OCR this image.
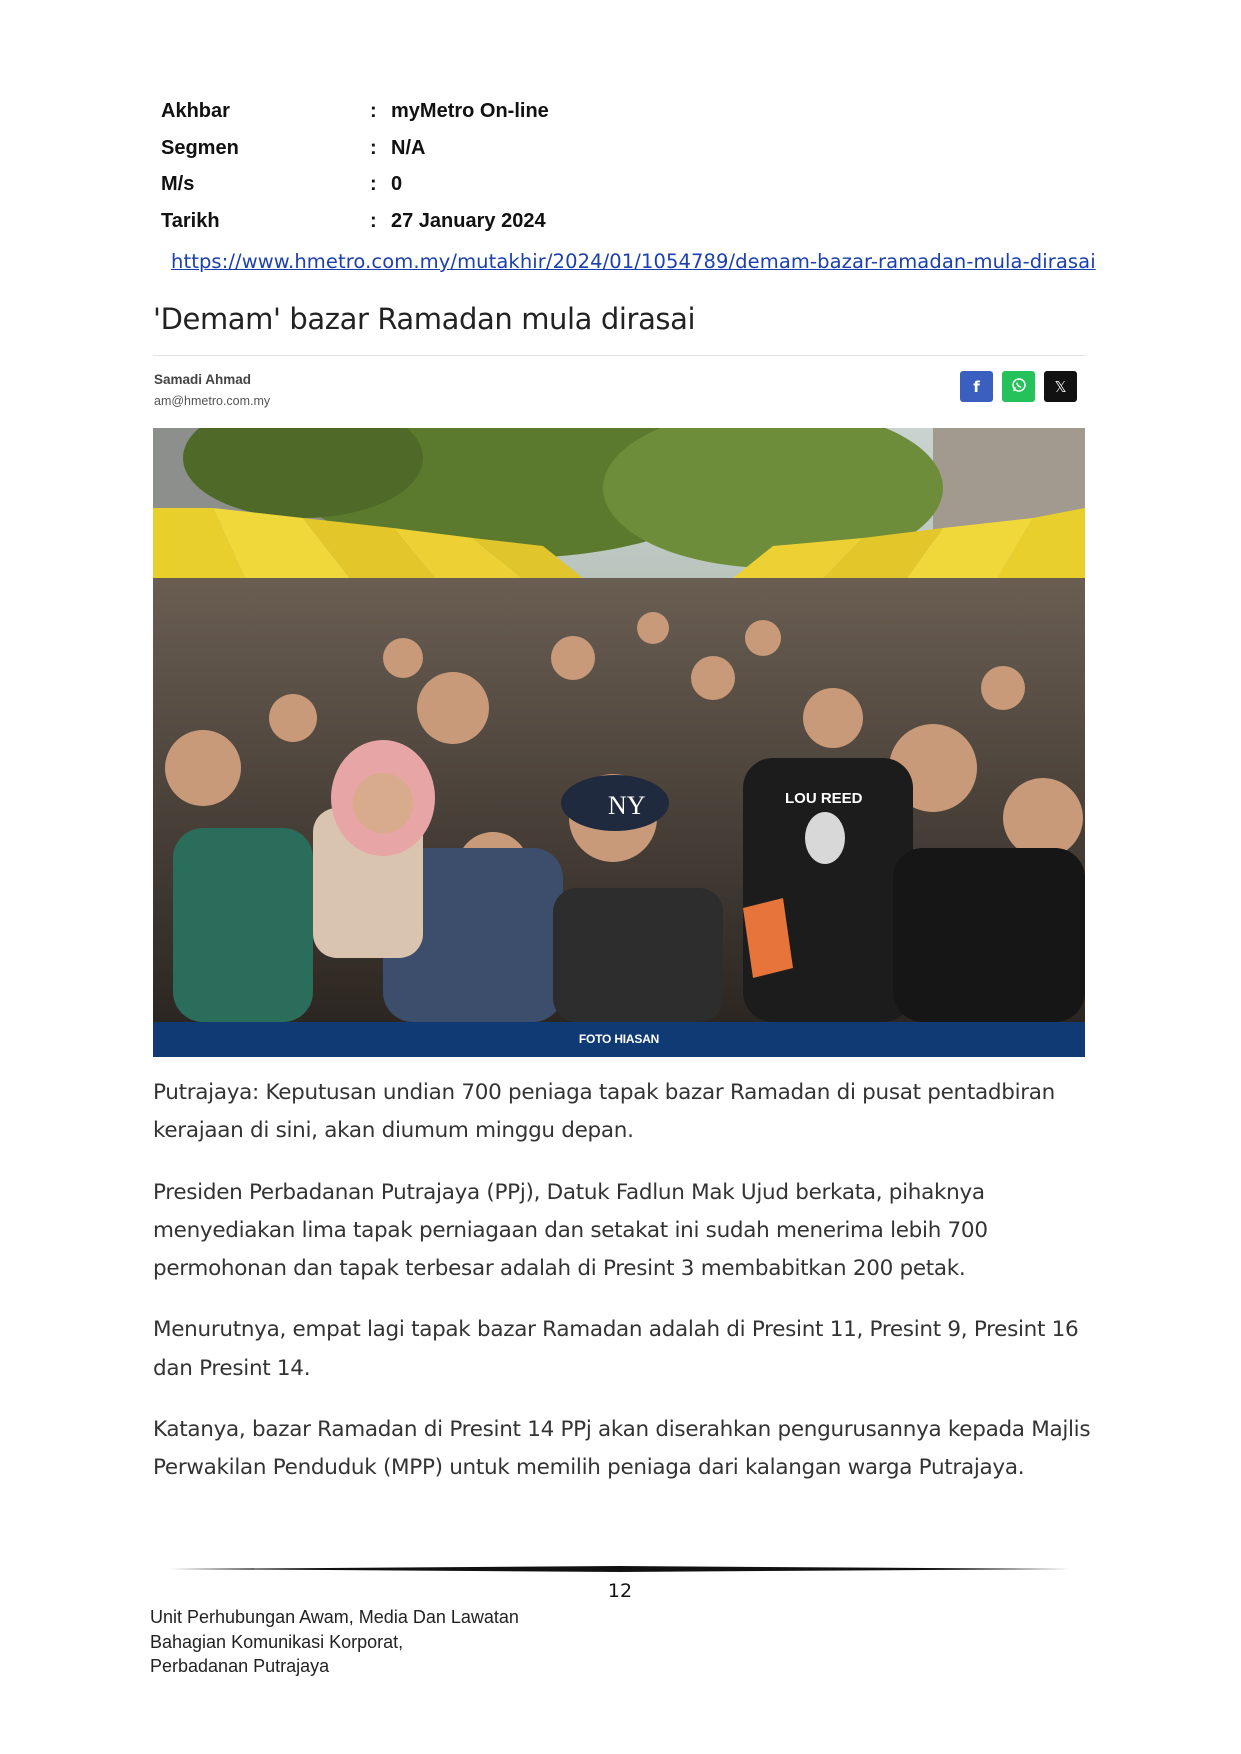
Akhbar	: myMetro On-line
Segmen	: N/A
M/s	: 0
Tarikh	: 27 January 2024
https://www.hmetro.com.my/mutakhir/2024/01/1054789/demam-bazar-ramadan-mula-dirasai
'Demam' bazar Ramadan mula dirasai
Samadi Ahmad
am@hmetro.com.my
f	𝕏
NY	LOU REED
FOTO HIASAN

Putrajaya: Keputusan undian 700 peniaga tapak bazar Ramadan di pusat pentadbiran kerajaan di sini, akan diumum minggu depan.

Presiden Perbadanan Putrajaya (PPj), Datuk Fadlun Mak Ujud berkata, pihaknya menyediakan lima tapak perniagaan dan setakat ini sudah menerima lebih 700 permohonan dan tapak terbesar adalah di Presint 3 membabitkan 200 petak.

Menurutnya, empat lagi tapak bazar Ramadan adalah di Presint 11, Presint 9, Presint 16 dan Presint 14.

Katanya, bazar Ramadan di Presint 14 PPj akan diserahkan pengurusannya kepada Majlis Perwakilan Penduduk (MPP) untuk memilih peniaga dari kalangan warga Putrajaya.

12
Unit Perhubungan Awam, Media Dan Lawatan
Bahagian Komunikasi Korporat,
Perbadanan Putrajaya
